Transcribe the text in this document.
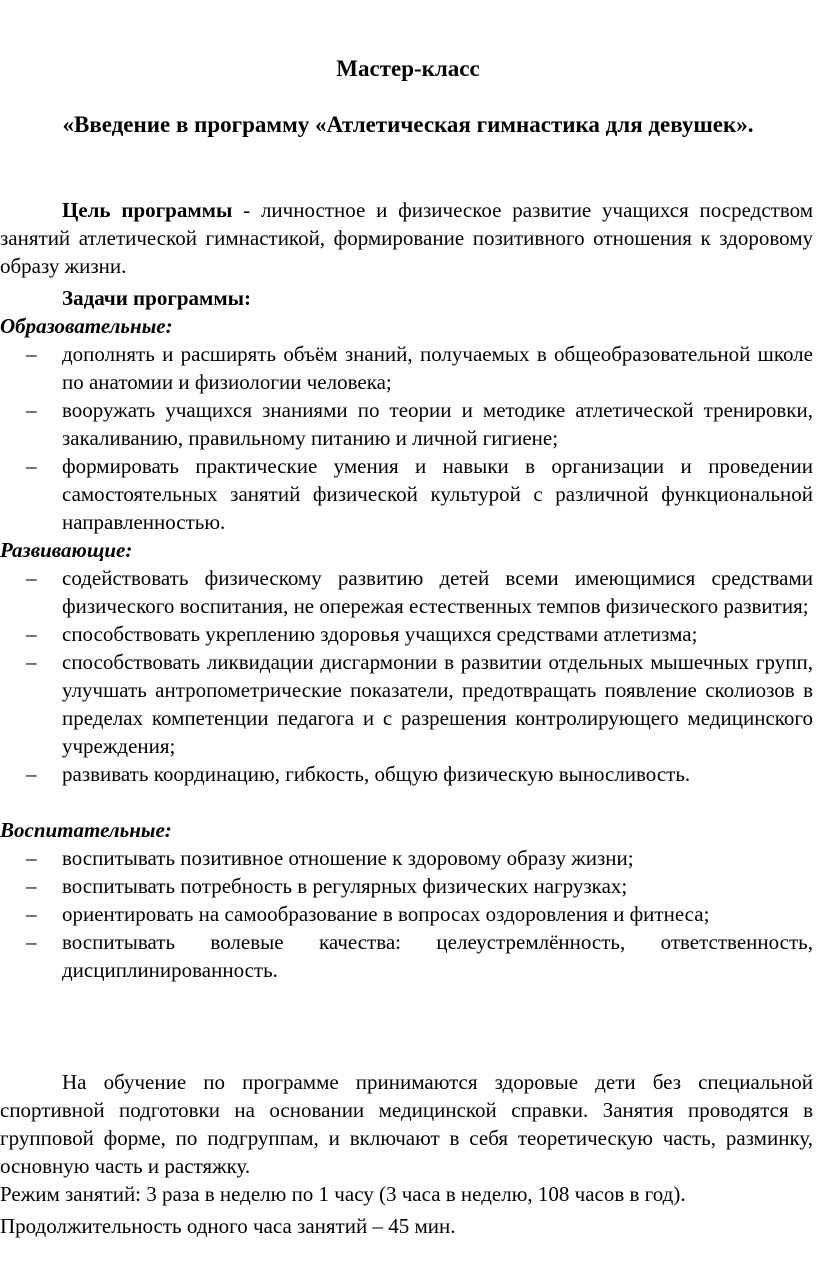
Мастер-класс
«Введение в программу «Атлетическая гимнастика для девушек».
Цель программы - личностное и физическое развитие учащихся посредством занятий атлетической гимнастикой, формирование позитивного отношения к здоровому образу жизни.
Задачи программы:
Образовательные:
– дополнять и расширять объём знаний, получаемых в общеобразовательной школе по анатомии и физиологии человека;
– вооружать учащихся знаниями по теории и методике атлетической тренировки, закаливанию, правильному питанию и личной гигиене;
– формировать практические умения и навыки в организации и проведении самостоятельных занятий физической культурой с различной функциональной направленностью.
Развивающие:
– содействовать физическому развитию детей всеми имеющимися средствами физического воспитания, не опережая естественных темпов физического развития;
– способствовать укреплению здоровья учащихся средствами атлетизма;
– способствовать ликвидации дисгармонии в развитии отдельных мышечных групп, улучшать антропометрические показатели, предотвращать появление сколиозов в пределах компетенции педагога и с разрешения контролирующего медицинского учреждения;
– развивать координацию, гибкость, общую физическую выносливость.
Воспитательные:
– воспитывать позитивное отношение к здоровому образу жизни;
– воспитывать потребность в регулярных физических нагрузках;
– ориентировать на самообразование в вопросах оздоровления и фитнеса;
– воспитывать волевые качества: целеустремлённость, ответственность, дисциплинированность.
На обучение по программе принимаются здоровые дети без специальной спортивной подготовки на основании медицинской справки. Занятия проводятся в групповой форме, по подгруппам, и включают в себя теоретическую часть, разминку, основную часть и растяжку.
Режим занятий: 3 раза в неделю по 1 часу (3 часа в неделю, 108 часов в год).
Продолжительность одного часа занятий – 45 мин.
